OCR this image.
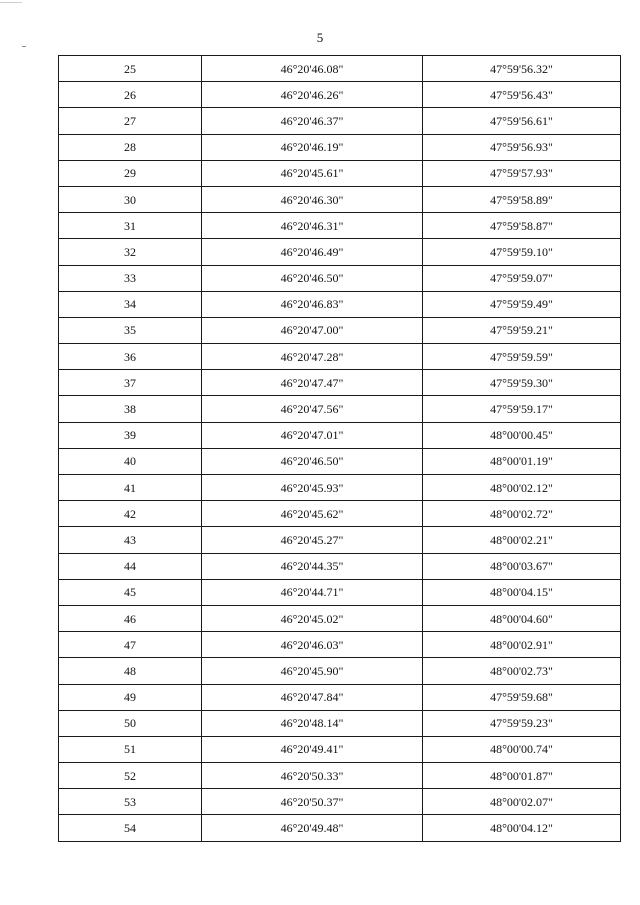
5
25	46°20'46.08"	47°59'56.32"
26	46°20'46.26"	47°59'56.43"
27	46°20'46.37"	47°59'56.61"
28	46°20'46.19"	47°59'56.93"
29	46°20'45.61"	47°59'57.93"
30	46°20'46.30"	47°59'58.89"
31	46°20'46.31"	47°59'58.87"
32	46°20'46.49"	47°59'59.10"
33	46°20'46.50"	47°59'59.07"
34	46°20'46.83"	47°59'59.49"
35	46°20'47.00"	47°59'59.21"
36	46°20'47.28"	47°59'59.59"
37	46°20'47.47"	47°59'59.30"
38	46°20'47.56"	47°59'59.17"
39	46°20'47.01"	48°00'00.45"
40	46°20'46.50"	48°00'01.19"
41	46°20'45.93"	48°00'02.12"
42	46°20'45.62"	48°00'02.72"
43	46°20'45.27"	48°00'02.21"
44	46°20'44.35"	48°00'03.67"
45	46°20'44.71"	48°00'04.15"
46	46°20'45.02"	48°00'04.60"
47	46°20'46.03"	48°00'02.91"
48	46°20'45.90"	48°00'02.73"
49	46°20'47.84"	47°59'59.68"
50	46°20'48.14"	47°59'59.23"
51	46°20'49.41"	48°00'00.74"
52	46°20'50.33"	48°00'01.87"
53	46°20'50.37"	48°00'02.07"
54	46°20'49.48"	48°00'04.12"
